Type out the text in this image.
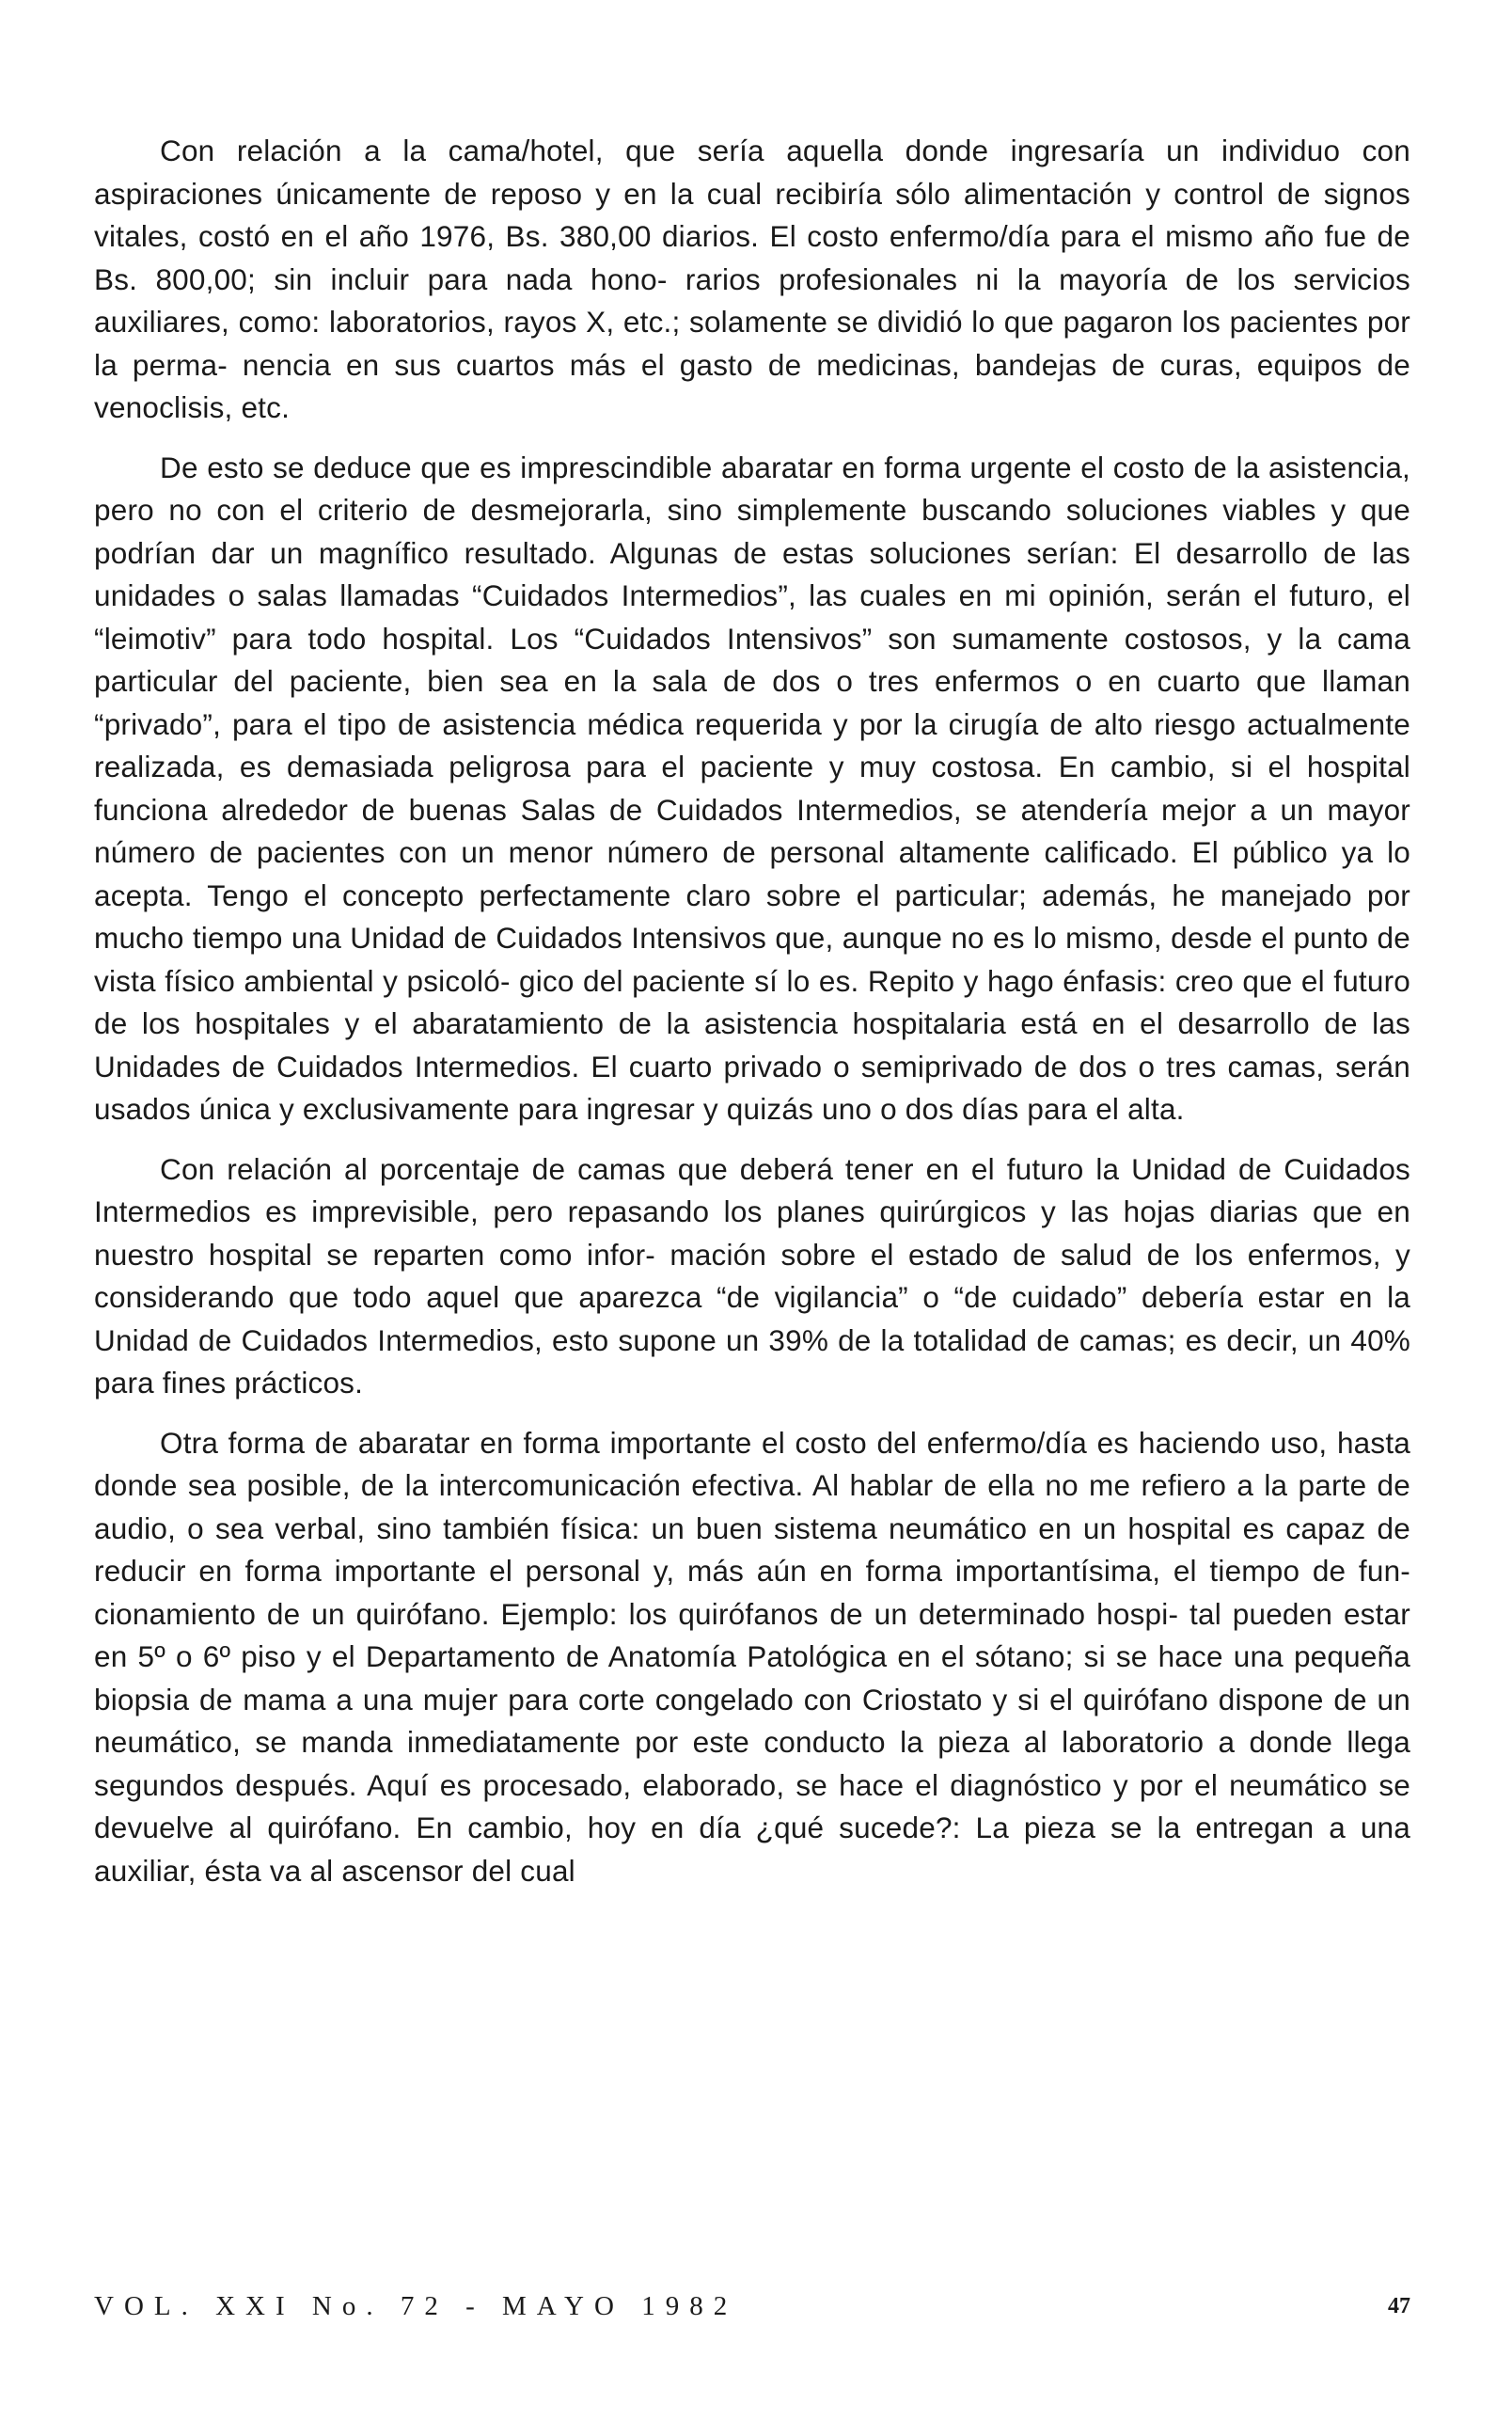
Con relación a la cama/hotel, que sería aquella donde ingresaría un individuo con aspiraciones únicamente de reposo y en la cual recibiría sólo alimentación y control de signos vitales, costó en el año 1976, Bs. 380,00 diarios. El costo enfermo/día para el mismo año fue de Bs. 800,00; sin incluir para nada hono- rarios profesionales ni la mayoría de los servicios auxiliares, como: laboratorios, rayos X, etc.; solamente se dividió lo que pagaron los pacientes por la perma- nencia en sus cuartos más el gasto de medicinas, bandejas de curas, equipos de venoclisis, etc.

De esto se deduce que es imprescindible abaratar en forma urgente el costo de la asistencia, pero no con el criterio de desmejorarla, sino simplemente buscando soluciones viables y que podrían dar un magnífico resultado. Algunas de estas soluciones serían: El desarrollo de las unidades o salas llamadas “Cuidados Intermedios”, las cuales en mi opinión, serán el futuro, el “leimotiv” para todo hospital. Los “Cuidados Intensivos” son sumamente costosos, y la cama particular del paciente, bien sea en la sala de dos o tres enfermos o en cuarto que llaman “privado”, para el tipo de asistencia médica requerida y por la cirugía de alto riesgo actualmente realizada, es demasiada peligrosa para el paciente y muy costosa. En cambio, si el hospital funciona alrededor de buenas Salas de Cuidados Intermedios, se atendería mejor a un mayor número de pacientes con un menor número de personal altamente calificado. El público ya lo acepta. Tengo el concepto perfectamente claro sobre el particular; además, he manejado por mucho tiempo una Unidad de Cuidados Intensivos que, aunque no es lo mismo, desde el punto de vista físico ambiental y psicoló- gico del paciente sí lo es. Repito y hago énfasis: creo que el futuro de los hospitales y el abaratamiento de la asistencia hospitalaria está en el desarrollo de las Unidades de Cuidados Intermedios. El cuarto privado o semiprivado de dos o tres camas, serán usados única y exclusivamente para ingresar y quizás uno o dos días para el alta.

Con relación al porcentaje de camas que deberá tener en el futuro la Unidad de Cuidados Intermedios es imprevisible, pero repasando los planes quirúrgicos y las hojas diarias que en nuestro hospital se reparten como infor- mación sobre el estado de salud de los enfermos, y considerando que todo aquel que aparezca “de vigilancia” o “de cuidado” debería estar en la Unidad de Cuidados Intermedios, esto supone un 39% de la totalidad de camas; es decir, un 40% para fines prácticos.

Otra forma de abaratar en forma importante el costo del enfermo/día es haciendo uso, hasta donde sea posible, de la intercomunicación efectiva. Al hablar de ella no me refiero a la parte de audio, o sea verbal, sino también física: un buen sistema neumático en un hospital es capaz de reducir en forma importante el personal y, más aún en forma importantísima, el tiempo de fun- cionamiento de un quirófano. Ejemplo: los quirófanos de un determinado hospi- tal pueden estar en 5º o 6º piso y el Departamento de Anatomía Patológica en el sótano; si se hace una pequeña biopsia de mama a una mujer para corte congelado con Criostato y si el quirófano dispone de un neumático, se manda inmediatamente por este conducto la pieza al laboratorio a donde llega segundos después. Aquí es procesado, elaborado, se hace el diagnóstico y por el neumático se devuelve al quirófano. En cambio, hoy en día ¿qué sucede?: La pieza se la entregan a una auxiliar, ésta va al ascensor del cual

VOL. XXI No. 72 - MAYO 1982	47
